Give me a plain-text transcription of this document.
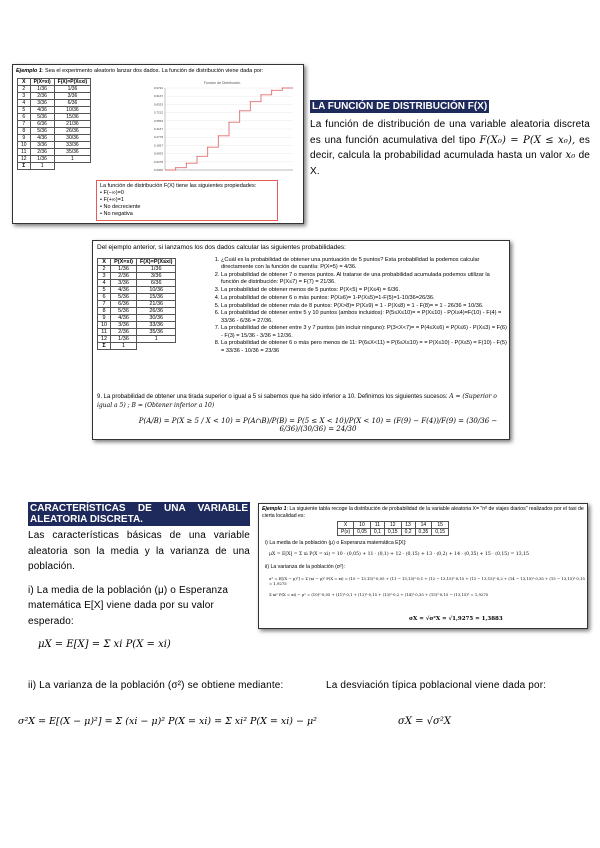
Ejemplo 1: Sea el experimento aleatorio lanzar dos dados. La función de distribución viene dada por:
X	P(X=xi)	F(X)=P(X≤xi)
2	1/36	1/36
3	2/36	3/36
4	3/36	6/36
5	4/36	10/36
6	5/36	15/36
7	6/36	21/36
8	5/36	26/36
9	4/36	30/36
10	3/36	33/36
11	2/36	35/36
12	1/36	1
Σ	1	
Función de Distribución
0.9722
0.9167
0.8333
0.7222
0.5833
0.4167
0.2778
0.1667
0.0833
0.0278
0.0000
La función de distribución F(X) tiene las siguientes propiedades:
• F(−∞)=0
• F(+∞)=1
• No decreciente
• No negativa
LA FUNCIÓN DE DISTRIBUCIÓN F(X)
La función de distribución de una variable aleatoria discreta es una función acumulativa del tipo F(X₀) = P(X ≤ x₀), es decir, calcula la probabilidad acumulada hasta un valor x₀ de X.
Del ejemplo anterior, si lanzamos los dos dados calcular las siguientes probabilidades:
X	P(X=xi)	F(X)=P(X≤xi)
2	1/36	1/36
3	2/36	3/36
4	3/36	6/36
5	4/36	10/36
6	5/36	15/36
7	6/36	21/36
8	5/36	26/36
9	4/36	30/36
10	3/36	33/36
11	2/36	35/36
12	1/36	1
Σ	1	
1. ¿Cuál es la probabilidad de obtener una puntuación de 5 puntos? Esta probabilidad la podemos calcular directamente con la función de cuantía: P(X=5) = 4/36.
2. La probabilidad de obtener 7 o menos puntos. Al tratarse de una probabilidad acumulada podemos utilizar la función de distribución: P(X≤7) = F(7) = 21/36.
3. La probabilidad de obtener menos de 5 puntos: P(X<5) = P(X≤4) = 6/36.
4. La probabilidad de obtener 6 o más puntos: P(X≥6)= 1-P(X≤5)=1-F(5)=1-10/36=26/36.
5. La probabilidad de obtener más de 8 puntos: P(X>8)= P(X≥9) = 1 - P(X≤8) = 1 - F(8)= = 1 - 26/36 = 10/36.
6. La probabilidad de obtener entre 5 y 10 puntos (ambos incluidos): P(5≤X≤10)= = P(X≤10) - P(X≤4)=F(10) - F(4) = 33/36 - 6/36 = 27/36.
7. La probabilidad de obtener entre 3 y 7 puntos (sin incluir ninguno): P(3<X<7)= = P(4≤X≤6) = P(X≤6) - P(X≤3) = F(6) - F(3) = 15/36 - 3/36 = 12/36.
8. La probabilidad de obtener 6 o más pero menos de 11: P(6≤X<11) = P(6≤X≤10) = = P(X≤10) - P(X≤5) = F(10) - F(5) = 33/36 - 10/36 = 23/36
9. La probabilidad de obtener una tirada superior o igual a 5 si sabemos que ha sido inferior a 10. Definimos los siguientes sucesos: A = (Superior o igual a 5) ; B = (Obtener inferior a 10)
P(A/B) = P(X ≥ 5 / X < 10) = P(A∩B)/P(B) = P(5 ≤ X < 10)/P(X < 10) = (F(9) − F(4))/F(9) = (30/36 − 6/36)/(30/36) = 24/30
CARACTERÍSTICAS DE UNA VARIABLE
ALEATORIA DISCRETA.
Las características básicas de una variable aleatoria son la media y la varianza de una población.
i) La media de la población (μ) o Esperanza matemática E[X] viene dada por su valor esperado:
μX = E[X] = Σ xi P(X = xi)
Ejemplo 1: La siguiente tabla recoge la distribución de probabilidad de la variable aleatoria X= "nº de viajes diarios" realizados por el taxi de cierta localidad es:
X	10	11	12	13	14	15
P(x)	0,05	0,1	0,15	0,2	0,35	0,15
i) La media de la población (μ) o Esperanza matemática E[X]:
μX = E[X] = Σ xi P(X = xi) = 10 · (0,05) + 11 · (0,1) + 12 · (0,15) + 13 · (0,2) + 14 · (0,35) + 15 · (0,15) = 13,15
ii) La varianza de la población (σ²):
σ² = E[(X − μ)²] = Σ (xi − μ)² P(X = xi) = (10 − 13,15)²·0,05 + (11 − 13,15)²·0,1 + (12 − 13,15)²·0,15 + (13 − 13,15)²·0,2 + (14 − 13,15)²·0,35 + (15 − 13,15)²·0,15 = 1,9275
Σ xi² P(X = xi) − μ² = (10)²·0,05 + (11)²·0,1 + (12)²·0,15 + (13)²·0,2 + (14)²·0,35 + (15)²·0,15 − (13,15)² = 1,9275
σX = √σ²X = √1,9275 = 1,3883
ii) La varianza de la población (σ²) se obtiene mediante:	La desviación típica poblacional viene dada por:
σ²X = E[(X − μ)²] = Σ (xi − μ)² P(X = xi) = Σ xi² P(X = xi) − μ²	σX = √σ²X
